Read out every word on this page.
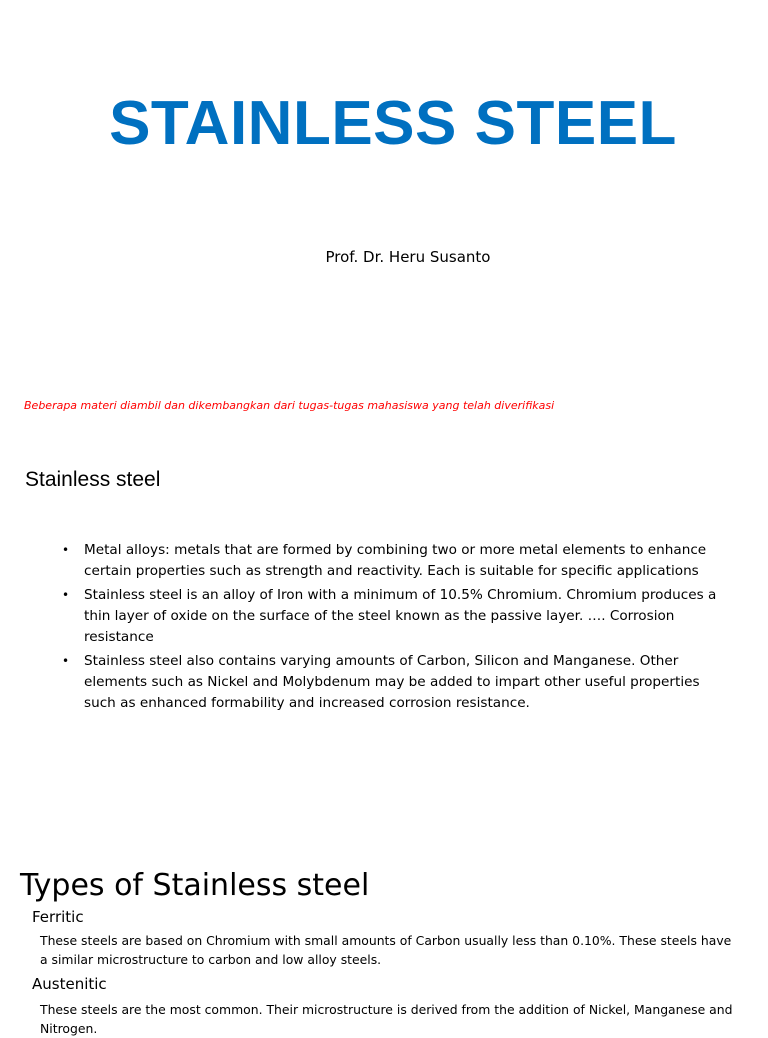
STAINLESS STEEL
Prof. Dr. Heru Susanto
Beberapa materi diambil dan dikembangkan dari tugas-tugas mahasiswa yang telah diverifikasi
Stainless steel
• Metal alloys: metals that are formed by combining two or more metal elements to enhance certain properties such as strength and reactivity. Each is suitable for specific applications
• Stainless steel is an alloy of Iron with a minimum of 10.5% Chromium. Chromium produces a thin layer of oxide on the surface of the steel known as the passive layer. …. Corrosion resistance
• Stainless steel also contains varying amounts of Carbon, Silicon and Manganese. Other elements such as Nickel and Molybdenum may be added to impart other useful properties such as enhanced formability and increased corrosion resistance.
Types of Stainless steel
Ferritic

These steels are based on Chromium with small amounts of Carbon usually less than 0.10%. These steels have a similar microstructure to carbon and low alloy steels.

Austenitic

These steels are the most common. Their microstructure is derived from the addition of Nickel, Manganese and Nitrogen.
